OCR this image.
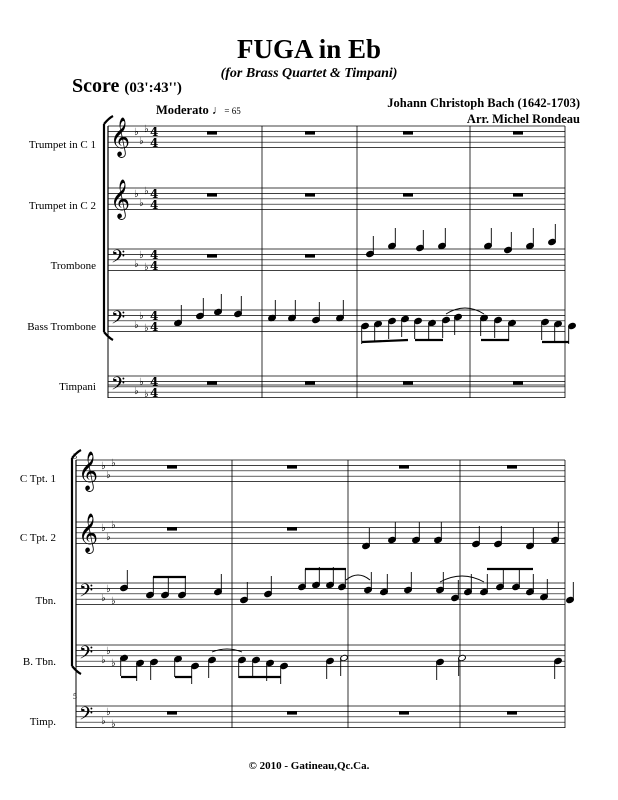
FUGA in Eb
(for Brass Quartet & Timpani)
Score (03':43'')
Johann Christoph Bach (1642-1703)
Arr. Michel Rondeau
Moderato ♩= 65
Trumpet in C 1
Trumpet in C 2
Trombone
Bass Trombone
Timpani
C Tpt. 1
C Tpt. 2
Tbn.
B. Tbn.
Timp.
𝄞 ♭
♭
♭ 4
4
𝄞 ♭
♭
♭ 4
4
𝄢 ♭
♭
♭
4
4
𝄢 ♭
♭
♭
4
4
𝄢 ♭
♭
♭
4
4
𝄞 ♭
♭
♭
𝄞 ♭
♭
♭
𝄢 ♭
♭
♭
𝄢 ♭
♭
♭
𝄢 ♭
♭
♭
5
5
© 2010 - Gatineau,Qc.Ca.
